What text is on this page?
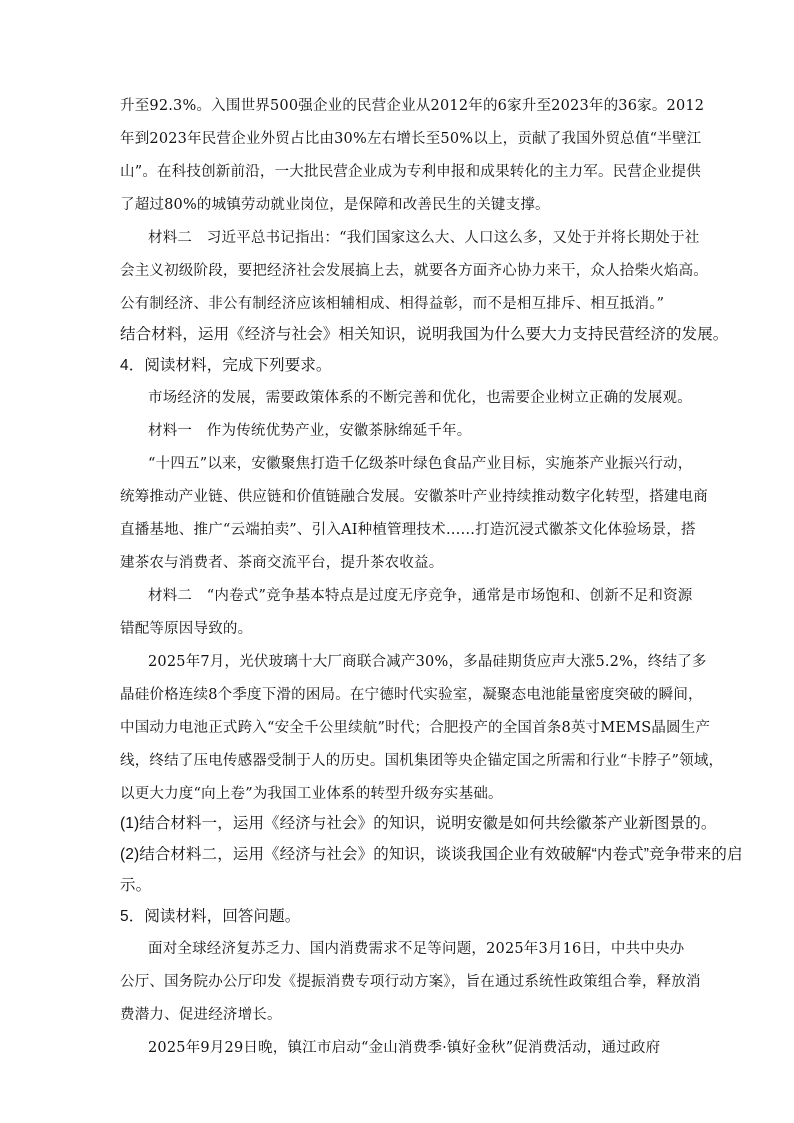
升至92.3%。入围世界500强企业的民营企业从2012年的6家升至2023年的36家。2012
年到2023年民营企业外贸占比由30%左右增长至50%以上，贡献了我国外贸总值“半壁江
山”。在科技创新前沿，一大批民营企业成为专利申报和成果转化的主力军。民营企业提供
了超过80%的城镇劳动就业岗位，是保障和改善民生的关键支撑。
材料二　习近平总书记指出：“我们国家这么大、人口这么多，又处于并将长期处于社
会主义初级阶段，要把经济社会发展搞上去，就要各方面齐心协力来干，众人拾柴火焰高。
公有制经济、非公有制经济应该相辅相成、相得益彰，而不是相互排斥、相互抵消。”
结合材料，运用《经济与社会》相关知识，说明我国为什么要大力支持民营经济的发展。
4．阅读材料，完成下列要求。
市场经济的发展，需要政策体系的不断完善和优化，也需要企业树立正确的发展观。
材料一　作为传统优势产业，安徽茶脉绵延千年。
“十四五”以来，安徽聚焦打造千亿级茶叶绿色食品产业目标，实施茶产业振兴行动，
统筹推动产业链、供应链和价值链融合发展。安徽茶叶产业持续推动数字化转型，搭建电商
直播基地、推广“云端拍卖”、引入AI种植管理技术……打造沉浸式徽茶文化体验场景，搭
建茶农与消费者、茶商交流平台，提升茶农收益。
材料二　“内卷式”竞争基本特点是过度无序竞争，通常是市场饱和、创新不足和资源
错配等原因导致的。
2025年7月，光伏玻璃十大厂商联合减产30%，多晶硅期货应声大涨5.2%，终结了多
晶硅价格连续8个季度下滑的困局。在宁德时代实验室，凝聚态电池能量密度突破的瞬间，
中国动力电池正式跨入“安全千公里续航”时代；合肥投产的全国首条8英寸MEMS晶圆生产
线，终结了压电传感器受制于人的历史。国机集团等央企锚定国之所需和行业“卡脖子”领域，
以更大力度“向上卷”为我国工业体系的转型升级夯实基础。
(1)结合材料一，运用《经济与社会》的知识，说明安徽是如何共绘徽茶产业新图景的。
(2)结合材料二，运用《经济与社会》的知识，谈谈我国企业有效破解“内卷式”竞争带来的启
示。
5．阅读材料，回答问题。
面对全球经济复苏乏力、国内消费需求不足等问题，2025年3月16日，中共中央办
公厅、国务院办公厅印发《提振消费专项行动方案》，旨在通过系统性政策组合拳，释放消
费潜力、促进经济增长。
2025年9月29日晚，镇江市启动“金山消费季·镇好金秋”促消费活动，通过政府
